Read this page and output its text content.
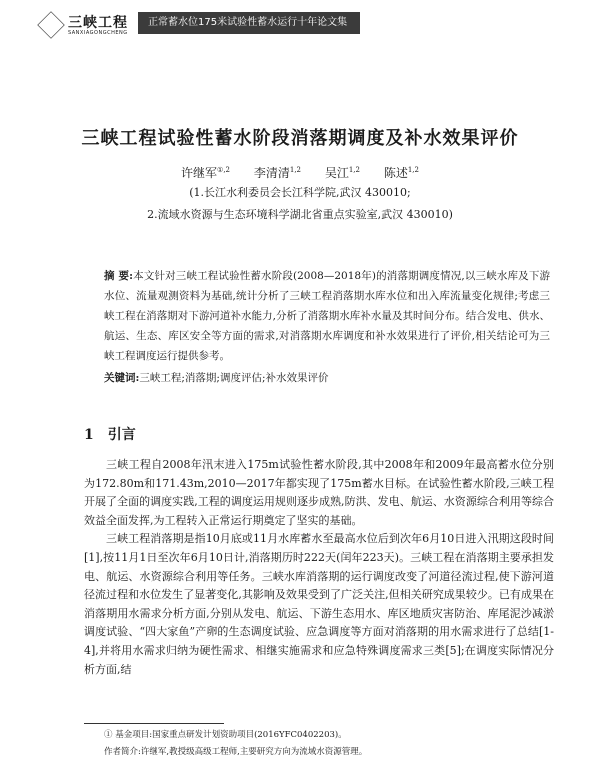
三峡工程
SANXIAGONGCHENG
正常蓄水位175米试验性蓄水运行十年论文集
三峡工程试验性蓄水阶段消落期调度及补水效果评价
许继军$^{①,2}$ 李清清$^{1,2}$ 吴江$^{1,2}$ 陈述$^{1,2}$
(1.长江水利委员会长江科学院,武汉 430010;
2.流域水资源与生态环境科学湖北省重点实验室,武汉 430010)
摘 要:本文针对三峡工程试验性蓄水阶段(2008—2018年)的消落期调度情况,以三峡水库及下游水位、流量观测资料为基础,统计分析了三峡工程消落期水库水位和出入库流量变化规律;考虑三峡工程在消落期对下游河道补水能力,分析了消落期水库补水量及其时间分布。结合发电、供水、航运、生态、库区安全等方面的需求,对消落期水库调度和补水效果进行了评价,相关结论可为三峡工程调度运行提供参考。
关键词:三峡工程;消落期;调度评估;补水效果评价
1 引言

三峡工程自2008年汛末进入175m试验性蓄水阶段,其中2008年和2009年最高蓄水位分别为172.80m和171.43m,2010—2017年都实现了175m蓄水目标。在试验性蓄水阶段,三峡工程开展了全面的调度实践,工程的调度运用规则逐步成熟,防洪、发电、航运、水资源综合利用等综合效益全面发挥,为工程转入正常运行期奠定了坚实的基础。

三峡工程消落期是指10月底或11月水库蓄水至最高水位后到次年6月10日进入汛期这段时间[1],按11月1日至次年6月10日计,消落期历时222天(闰年223天)。三峡工程在消落期主要承担发电、航运、水资源综合利用等任务。三峡水库消落期的运行调度改变了河道径流过程,使下游河道径流过程和水位发生了显著变化,其影响及效果受到了广泛关注,但相关研究成果较少。已有成果在消落期用水需求分析方面,分别从发电、航运、下游生态用水、库区地质灾害防治、库尾泥沙减淤调度试验、“四大家鱼”产卵的生态调度试验、应急调度等方面对消落期的用水需求进行了总结[1-4],并将用水需求归纳为硬性需求、相继实施需求和应急特殊调度需求三类[5];在调度实际情况分析方面,结

① 基金项目:国家重点研发计划资助项目(2016YFC0402203)。
作者简介:许继军,教授级高级工程师,主要研究方向为流域水资源管理。
